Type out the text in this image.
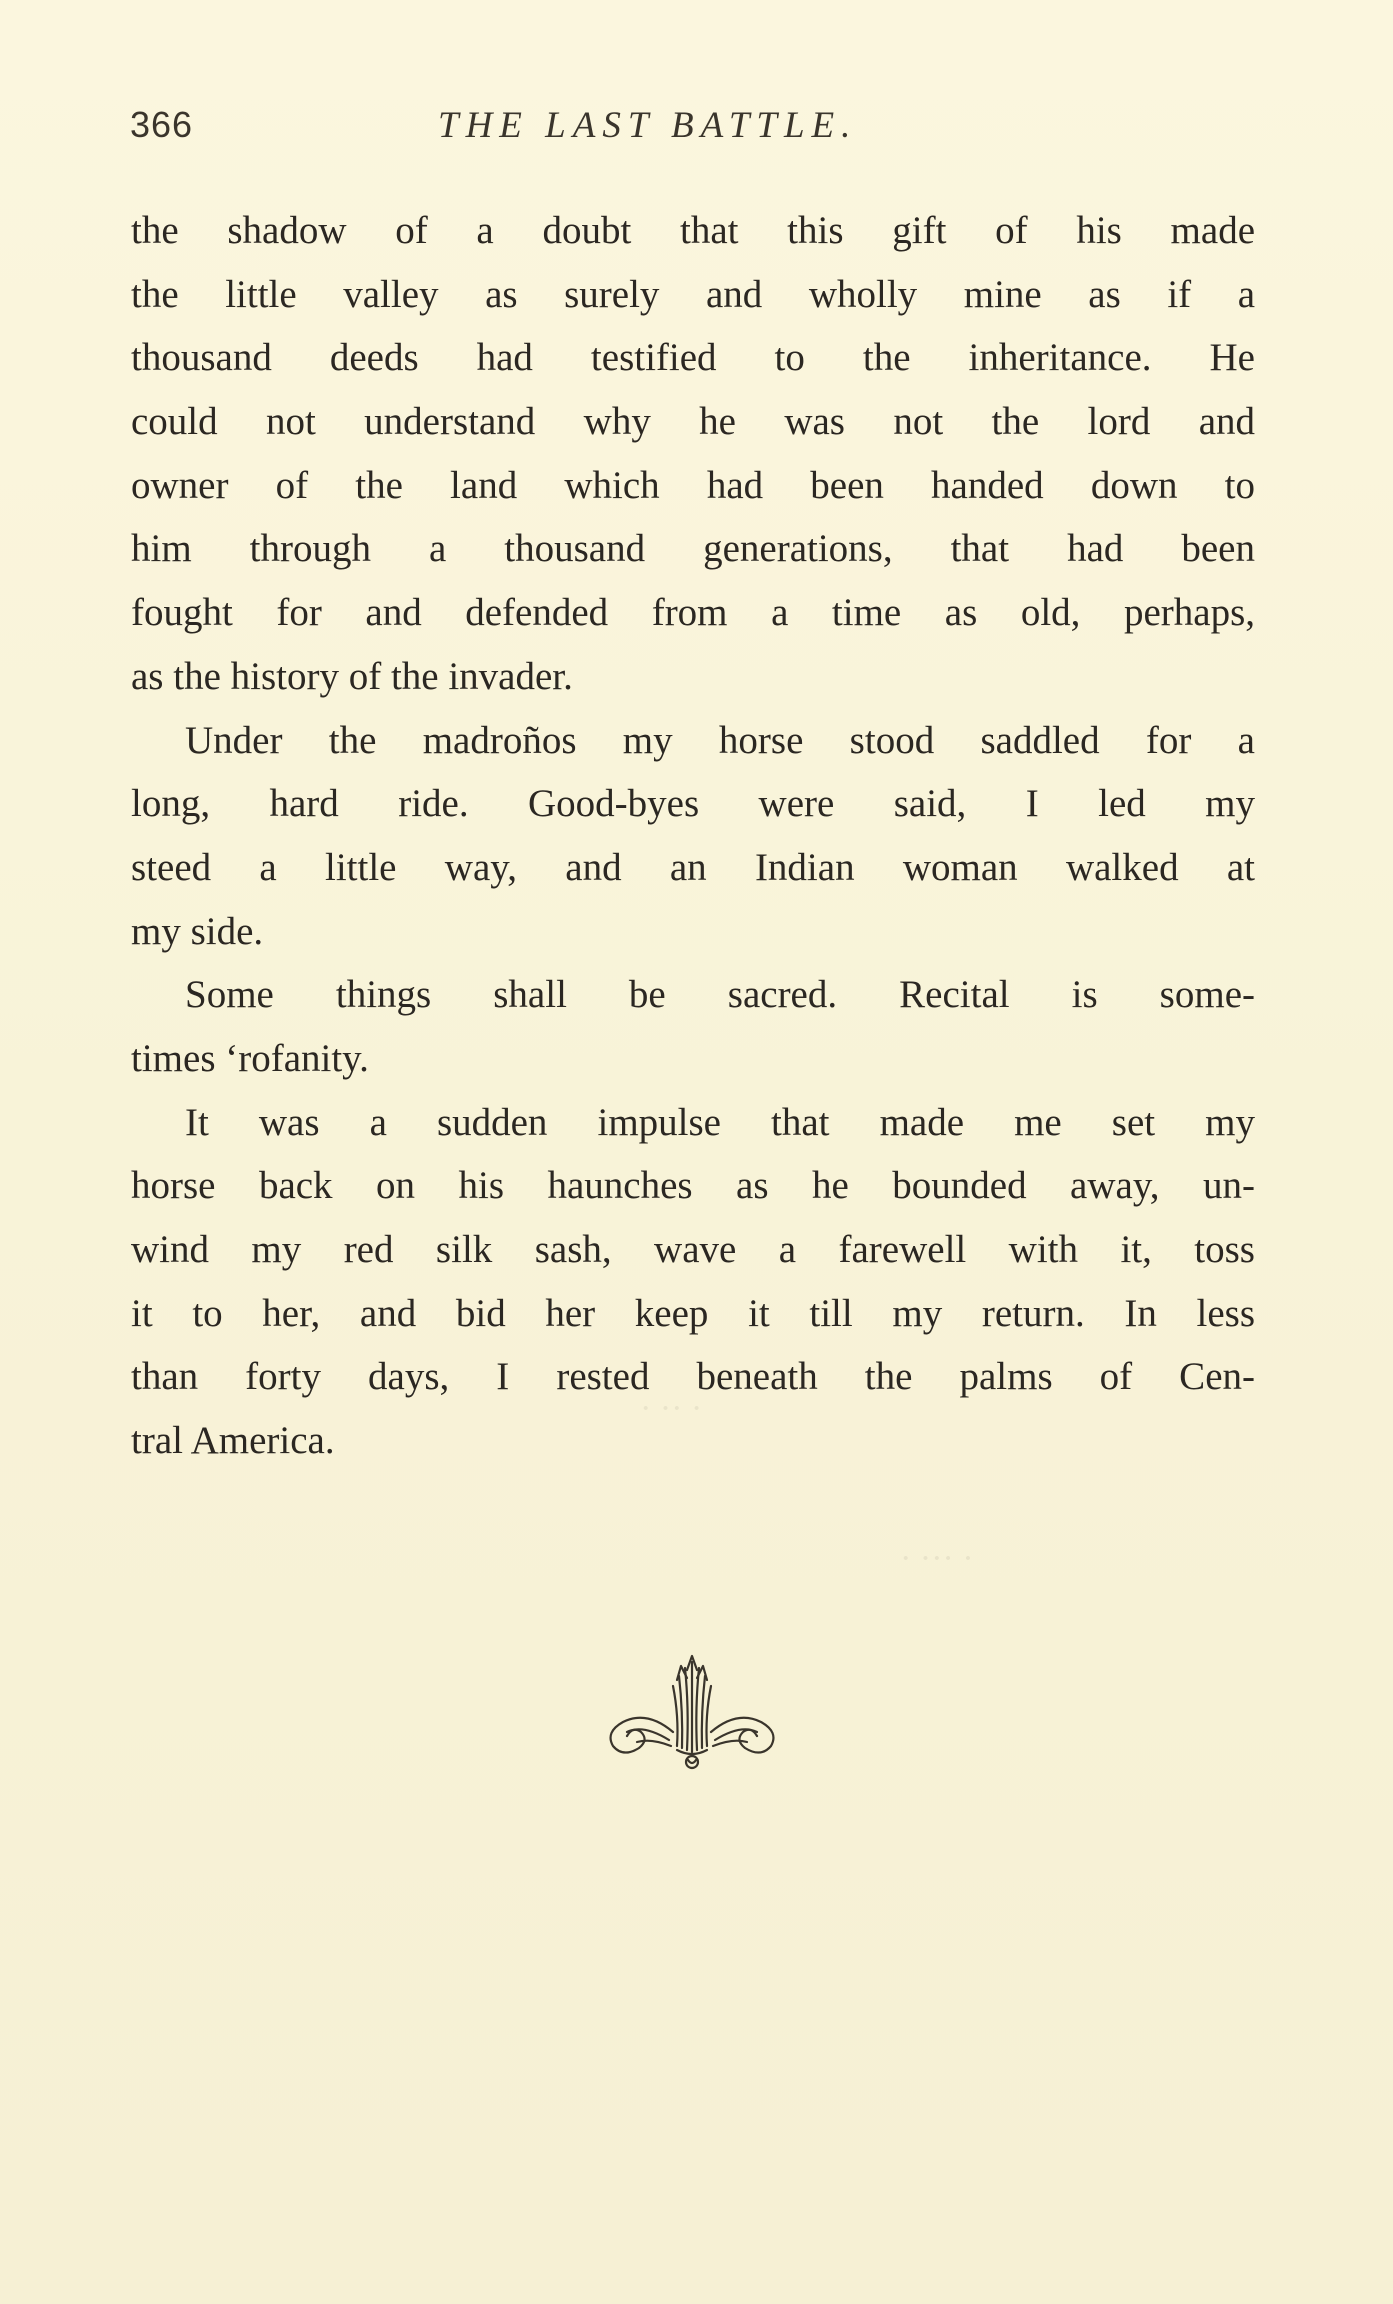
366	THE LAST BATTLE.
the shadow of a doubt that this gift of his made
the little valley as surely and wholly mine as if a
thousand deeds had testified to the inheritance. He
could not understand why he was not the lord and
owner of the land which had been handed down to
him through a thousand generations, that had been
fought for and defended from a time as old, perhaps,
as the history of the invader.
Under the madroños my horse stood saddled for a
long, hard ride. Good-byes were said, I led my
steed a little way, and an Indian woman walked at
my side.
Some things shall be sacred. Recital is some-
times ʻrofanity.
It was a sudden impulse that made me set my
horse back on his haunches as he bounded away, un-
wind my red silk sash, wave a farewell with it, toss
it to her, and bid her keep it till my return. In less
than forty days, I rested beneath the palms of Cen-
tral America.
· ·· ·
· ··· ·
